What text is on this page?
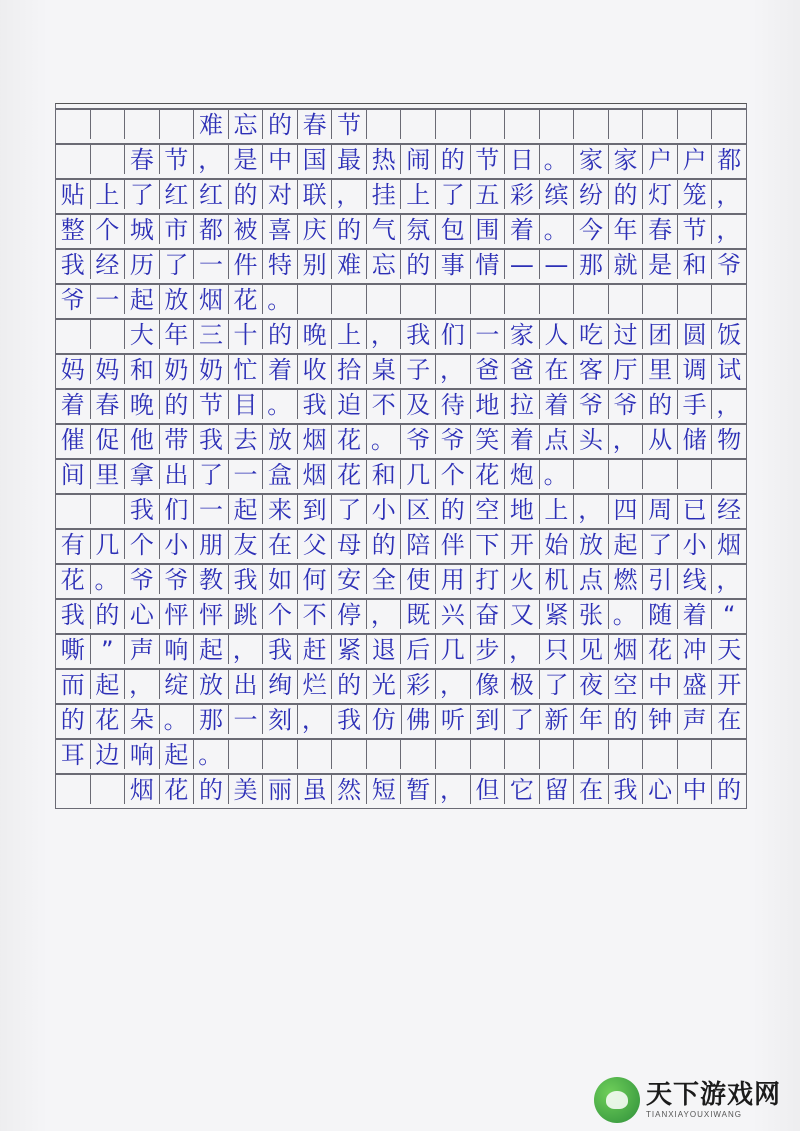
难 忘 的 春 节
春 节 ， 是 中 国 最 热 闹 的 节 日 。 家 家 户 户 都
贴 上 了 红 红 的 对 联 ， 挂 上 了 五 彩 缤 纷 的 灯 笼 ，
整 个 城 市 都 被 喜 庆 的 气 氛 包 围 着 。 今 年 春 节 ，
我 经 历 了 一 件 特 别 难 忘 的 事 情 — — 那 就 是 和 爷
爷 一 起 放 烟 花 。
大 年 三 十 的 晚 上 ， 我 们 一 家 人 吃 过 团 圆 饭
妈 妈 和 奶 奶 忙 着 收 拾 桌 子 ， 爸 爸 在 客 厅 里 调 试
着 春 晚 的 节 目 。 我 迫 不 及 待 地 拉 着 爷 爷 的 手 ，
催 促 他 带 我 去 放 烟 花 。 爷 爷 笑 着 点 头 ， 从 储 物
间 里 拿 出 了 一 盒 烟 花 和 几 个 花 炮 。
我 们 一 起 来 到 了 小 区 的 空 地 上 ， 四 周 已 经
有 几 个 小 朋 友 在 父 母 的 陪 伴 下 开 始 放 起 了 小 烟
花 。 爷 爷 教 我 如 何 安 全 使 用 打 火 机 点 燃 引 线 ，
我 的 心 怦 怦 跳 个 不 停 ， 既 兴 奋 又 紧 张 。 随 着 “
嘶 ” 声 响 起 ， 我 赶 紧 退 后 几 步 ， 只 见 烟 花 冲 天
而 起 ， 绽 放 出 绚 烂 的 光 彩 ， 像 极 了 夜 空 中 盛 开
的 花 朵 。 那 一 刻 ， 我 仿 佛 听 到 了 新 年 的 钟 声 在
耳 边 响 起 。
烟 花 的 美 丽 虽 然 短 暂 ， 但 它 留 在 我 心 中 的
天下游戏网
TIANXIAYOUXIWANG
